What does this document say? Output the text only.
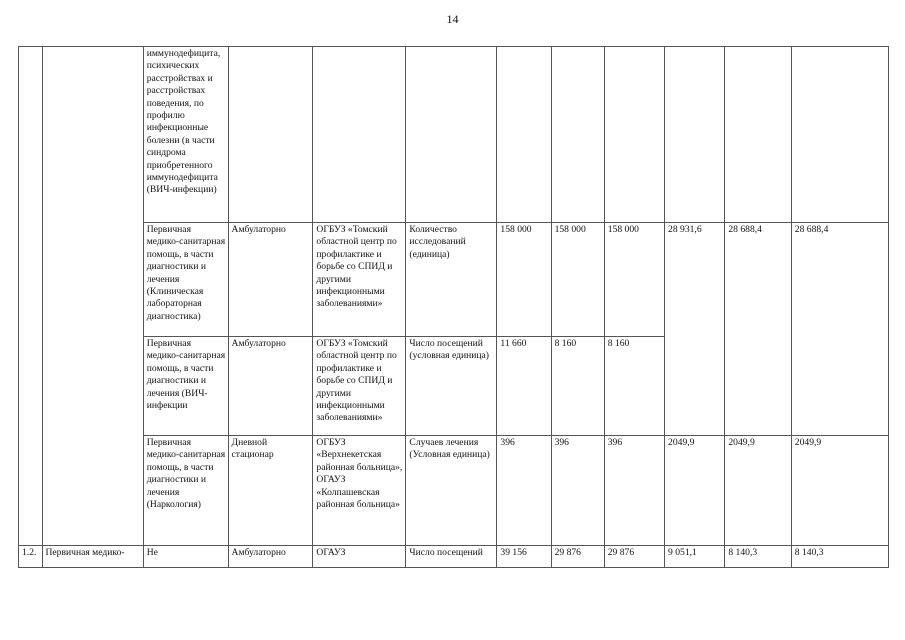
14
		иммунодефицита, психических расстройствах и расстройствах поведения, по профилю инфекционные болезни (в части синдрома приобретенного иммунодефицита (ВИЧ-инфекции)									
		Первичная медико-санитарная помощь, в части диагностики и лечения (Клиническая лабораторная диагностика)	Амбулаторно	ОГБУЗ «Томский областной центр по профилактике и борьбе со СПИД и другими инфекционными заболеваниями»	Количество исследований (единица)	158 000	158 000	158 000	28 931,6	28 688,4	28 688,4
		Первичная медико-санитарная помощь, в части диагностики и лечения (ВИЧ-инфекции	Амбулаторно	ОГБУЗ «Томский областной центр по профилактике и борьбе со СПИД и другими инфекционными заболеваниями»	Число посещений (условная единица)	11 660	8 160	8 160			
		Первичная медико-санитарная помощь, в части диагностики и лечения (Наркология)	Дневной стационар	ОГБУЗ «Верхнекетская районная больница», ОГАУЗ «Колпашевская районная больница»	Случаев лечения (Условная единица)	396	396	396	2049,9	2049,9	2049,9
1.2.	Первичная медико-	Не	Амбулаторно	ОГАУЗ	Число посещений	39 156	29 876	29 876	9 051,1	8 140,3	8 140,3
